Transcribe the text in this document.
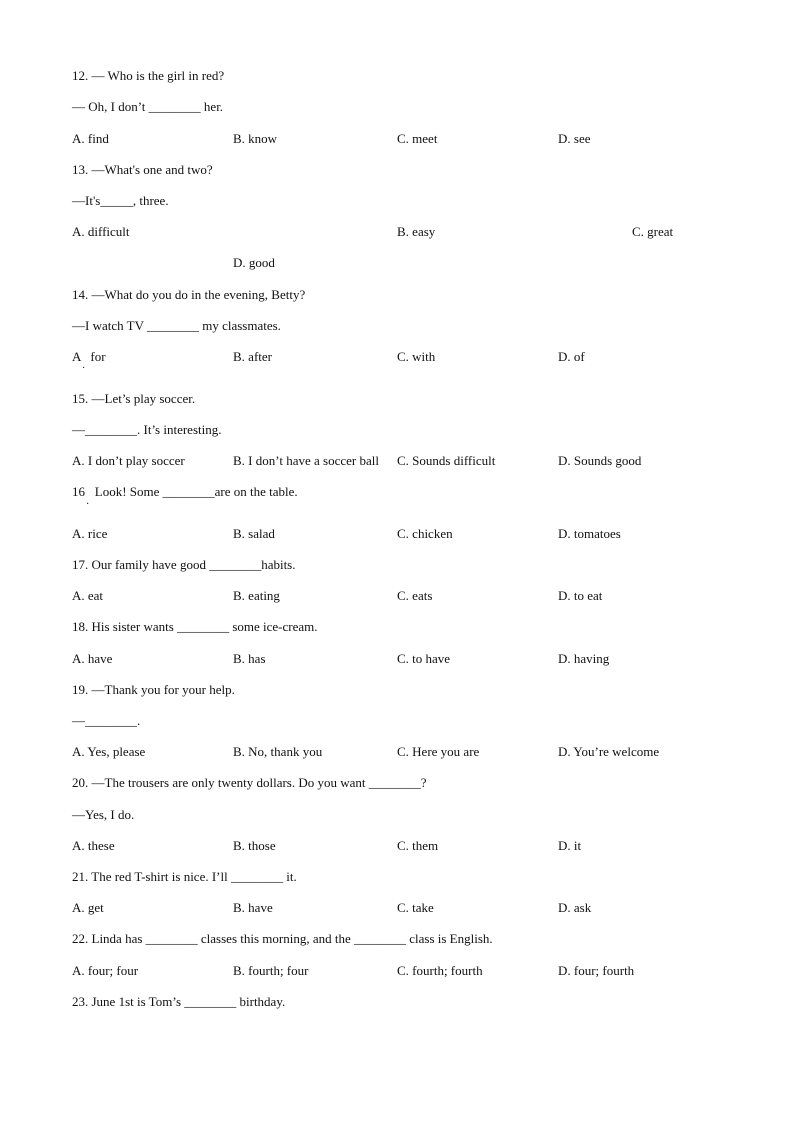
12. — Who is the girl in red?
— Oh, I don’t ________ her.
A. find	B. know	C. meet	D. see
13. —What's one and two?
—It's_____, three.
A. difficult	B. easy	C. great
D. good
14. —What do you do in the evening, Betty?
—I watch TV ________ my classmates.
A   for
·
B. after	C. with	D. of
15. —Let’s play soccer.
—________. It’s interesting.
A. I don’t play soccer	B. I don’t have a soccer ball C. Sounds difficult	D. Sounds good
16   Look! Some ________are on the table.
·
A. rice	B. salad	C. chicken	D. tomatoes
17. Our family have good ________habits.
A. eat	B. eating	C. eats	D. to eat
18. His sister wants ________ some ice-cream.
A. have	B. has	C. to have	D. having
19. —Thank you for your help.
—________.
A. Yes, please	B. No, thank you	C. Here you are	D. You’re welcome
20. —The trousers are only twenty dollars. Do you want ________?
—Yes, I do.
A. these	B. those	C. them	D. it
21. The red T-shirt is nice. I’ll ________ it.
A. get	B. have	C. take	D. ask
22. Linda has ________ classes this morning, and the ________ class is English.
A. four; four	B. fourth; four	C. fourth; fourth	D. four; fourth
23. June 1st is Tom’s ________ birthday.
